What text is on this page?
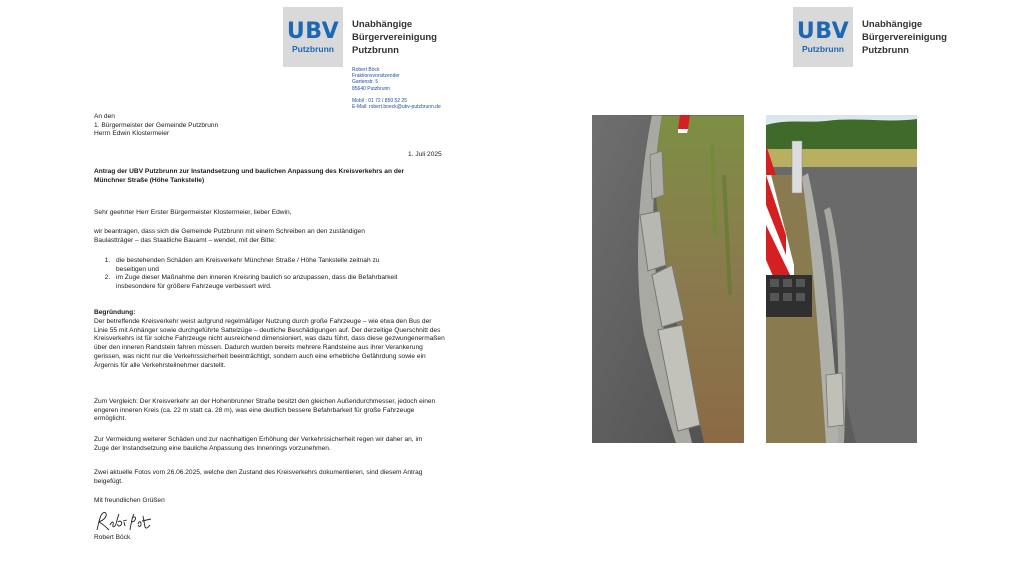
UBV
Putzbrunn
Unabhängige
Bürgervereinigung
Putzbrunn
Robert Böck
Fraktionsvorsitzender
Gartenstr. 5
85640 Putzbrunn
Mobil : 01 72 / 850 52 25
E-Mail: robert.boeck@ubv-putzbrunn.de
UBV
Putzbrunn
Unabhängige
Bürgervereinigung
Putzbrunn
An den
1. Bürgermeister der Gemeinde Putzbrunn
Herrn Edwin Klostermeier
1. Juli 2025
Antrag der UBV Putzbrunn zur Instandsetzung und baulichen Anpassung des Kreisverkehrs an der Münchner Straße (Höhe Tankstelle)
Sehr geehrter Herr Erster Bürgermeister Klostermeier, lieber Edwin,
wir beantragen, dass sich die Gemeinde Putzbrunn mit einem Schreiben an den zuständigen Baulastträger – das Staatliche Bauamt – wendet, mit der Bitte:
1. die bestehenden Schäden am Kreisverkehr Münchner Straße / Höhe Tankstelle zeitnah zu beseitigen und
2. im Zuge dieser Maßnahme den inneren Kreisring baulich so anzupassen, dass die Befahrbarkeit insbesondere für größere Fahrzeuge verbessert wird.
Begründung:
Der betreffende Kreisverkehr weist aufgrund regelmäßiger Nutzung durch große Fahrzeuge – wie etwa den Bus der Linie 55 mit Anhänger sowie durchgeführte Sattelzüge – deutliche Beschädigungen auf. Der derzeitige Querschnitt des Kreisverkehrs ist für solche Fahrzeuge nicht ausreichend dimensioniert, was dazu führt, dass diese gezwungenermaßen über den inneren Randstein fahren müssen. Dadurch wurden bereits mehrere Randsteine aus ihrer Verankerung gerissen, was nicht nur die Verkehrssicherheit beeinträchtigt, sondern auch eine erhebliche Gefährdung sowie ein Ärgernis für alle Verkehrsteilnehmer darstellt.
Zum Vergleich: Der Kreisverkehr an der Hohenbrunner Straße besitzt den gleichen Außendurchmesser, jedoch einen engeren inneren Kreis (ca. 22 m statt ca. 28 m), was eine deutlich bessere Befahrbarkeit für große Fahrzeuge ermöglicht.
Zur Vermeidung weiterer Schäden und zur nachhaltigen Erhöhung der Verkehrssicherheit regen wir daher an, im Zuge der Instandsetzung eine bauliche Anpassung des Innenrings vorzunehmen.
Zwei aktuelle Fotos vom 26.06.2025, welche den Zustand des Kreisverkehrs dokumentieren, sind diesem Antrag beigefügt.
Mit freundlichen Grüßen
Robert Böck
